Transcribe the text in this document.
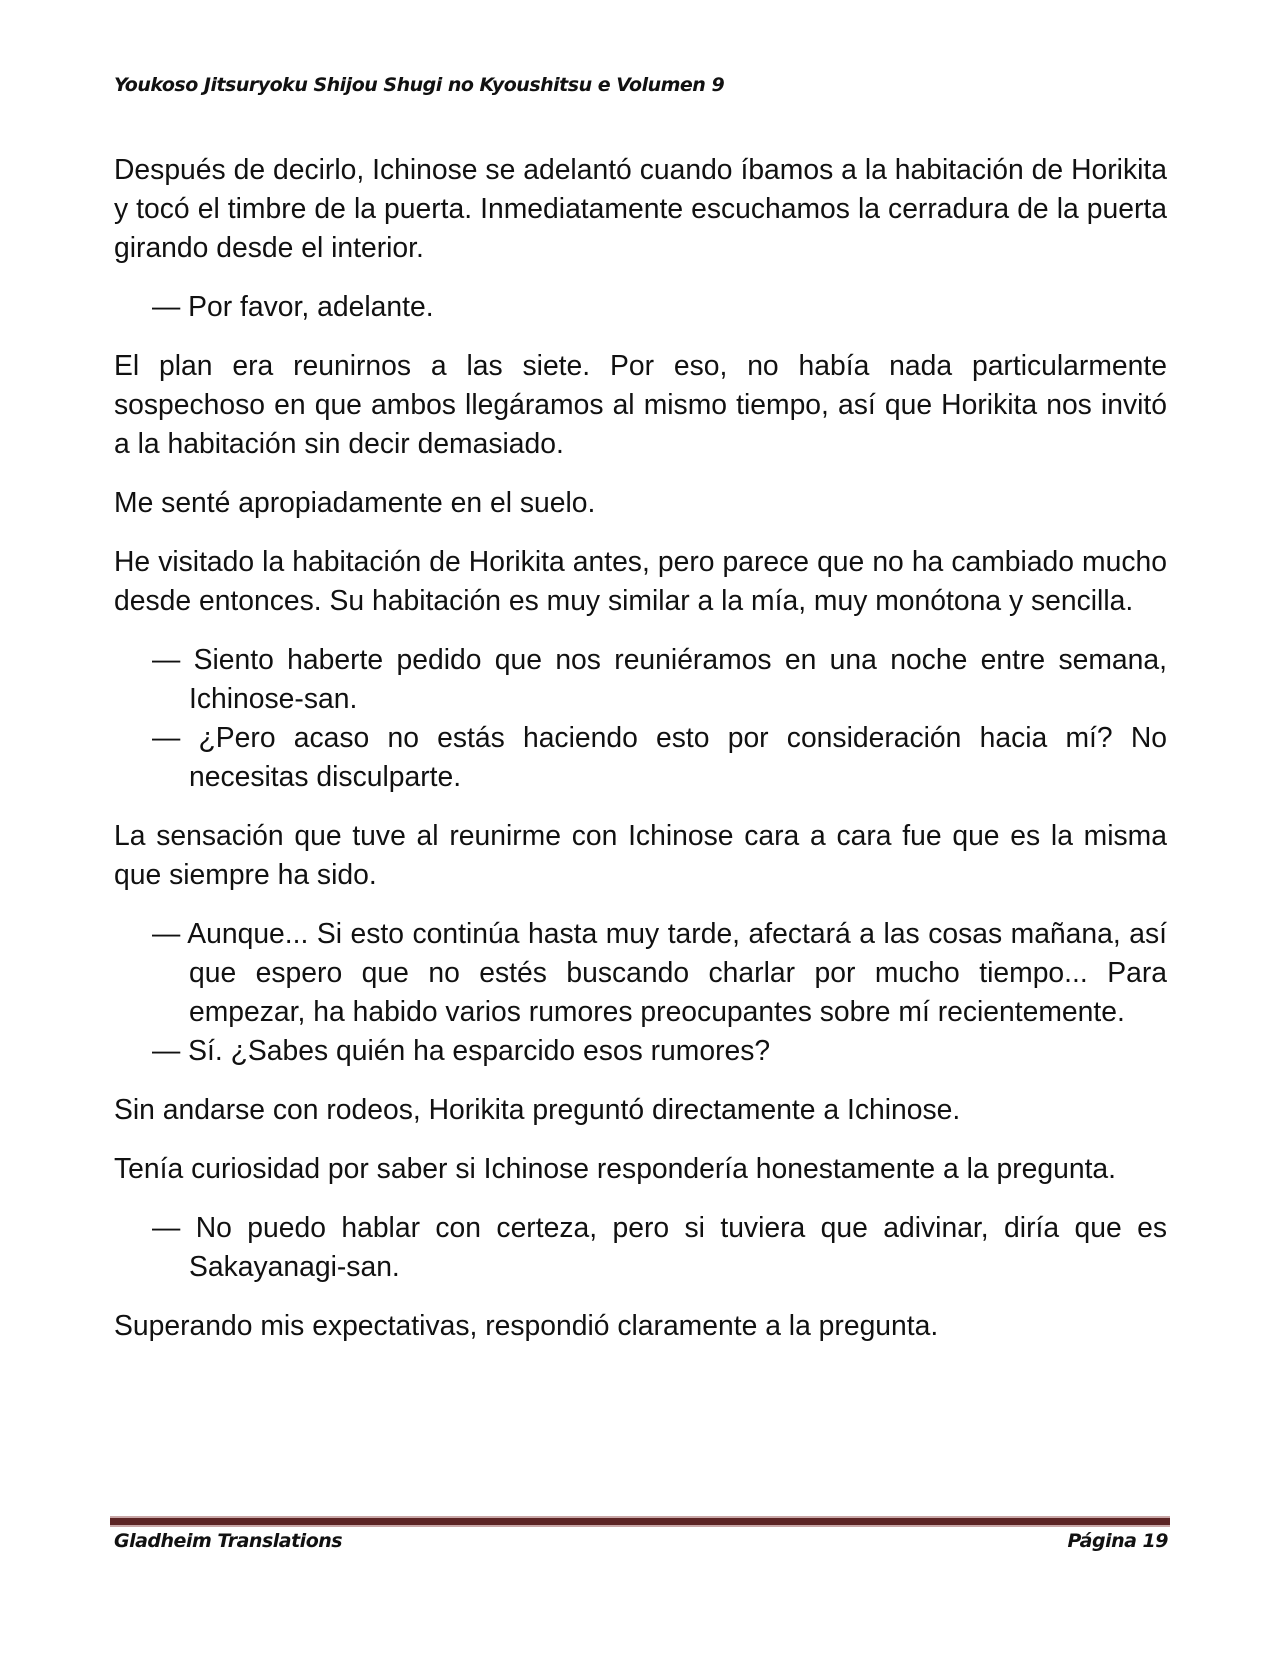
Youkoso Jitsuryoku Shijou Shugi no Kyoushitsu e Volumen 9

Después de decirlo, Ichinose se adelantó cuando íbamos a la habitación de Horikita y tocó el timbre de la puerta. Inmediatamente escuchamos la cerradura de la puerta girando desde el interior.

— Por favor, adelante.

El plan era reunirnos a las siete. Por eso, no había nada particularmente sospechoso en que ambos llegáramos al mismo tiempo, así que Horikita nos invitó a la habitación sin decir demasiado.

Me senté apropiadamente en el suelo.

He visitado la habitación de Horikita antes, pero parece que no ha cambiado mucho desde entonces. Su habitación es muy similar a la mía, muy monótona y sencilla.

— Siento haberte pedido que nos reuniéramos en una noche entre semana, Ichinose-san.

— ¿Pero acaso no estás haciendo esto por consideración hacia mí? No necesitas disculparte.

La sensación que tuve al reunirme con Ichinose cara a cara fue que es la misma que siempre ha sido.

— Aunque... Si esto continúa hasta muy tarde, afectará a las cosas mañana, así que espero que no estés buscando charlar por mucho tiempo... Para empezar, ha habido varios rumores preocupantes sobre mí recientemente.

— Sí. ¿Sabes quién ha esparcido esos rumores?

Sin andarse con rodeos, Horikita preguntó directamente a Ichinose.

Tenía curiosidad por saber si Ichinose respondería honestamente a la pregunta.

— No puedo hablar con certeza, pero si tuviera que adivinar, diría que es Sakayanagi-san.

Superando mis expectativas, respondió claramente a la pregunta.

Gladheim Translations	Página 19
